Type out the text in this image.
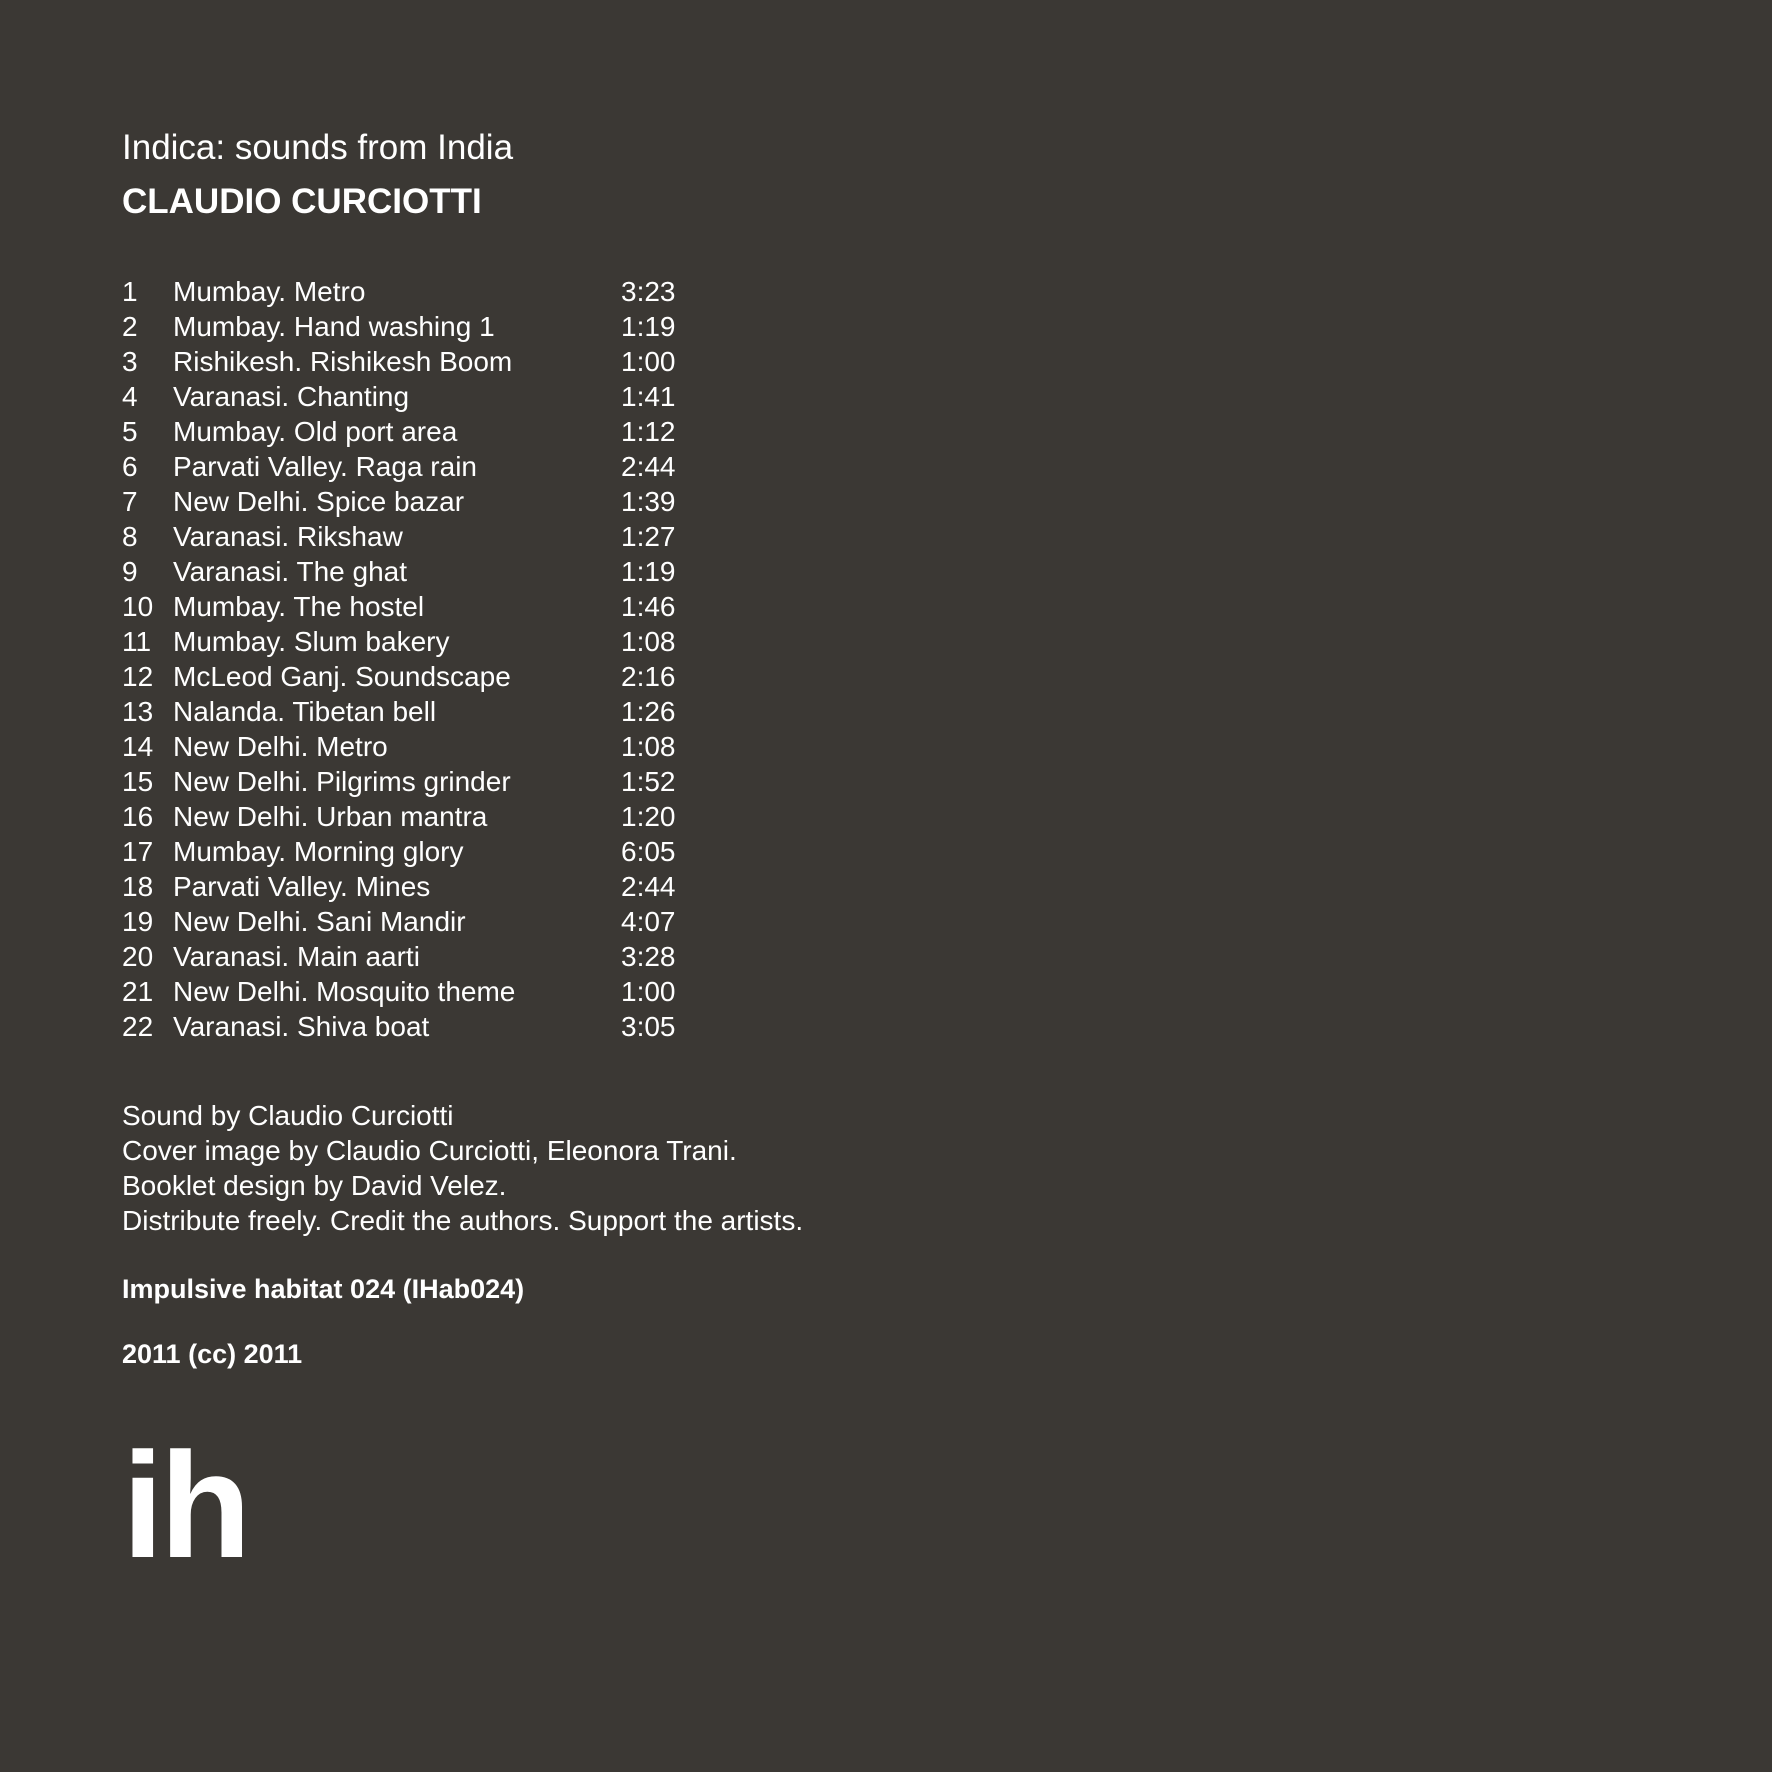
Indica: sounds from India
CLAUDIO CURCIOTTI
1 Mumbay. Metro	3:23
2 Mumbay. Hand washing 1	1:19
3 Rishikesh. Rishikesh Boom	1:00
4 Varanasi. Chanting	1:41
5 Mumbay. Old port area	1:12
6 Parvati Valley. Raga rain	2:44
7 New Delhi. Spice bazar	1:39
8 Varanasi. Rikshaw	1:27
9 Varanasi. The ghat	1:19
10 Mumbay. The hostel	1:46
11 Mumbay. Slum bakery	1:08
12 McLeod Ganj. Soundscape	2:16
13 Nalanda. Tibetan bell	1:26
14 New Delhi. Metro	1:08
15 New Delhi. Pilgrims grinder	1:52
16 New Delhi. Urban mantra	1:20
17 Mumbay. Morning glory	6:05
18 Parvati Valley. Mines	2:44
19 New Delhi. Sani Mandir	4:07
20 Varanasi. Main aarti	3:28
21 New Delhi. Mosquito theme	1:00
22 Varanasi. Shiva boat	3:05
Sound by Claudio Curciotti
Cover image by Claudio Curciotti, Eleonora Trani.
Booklet design by David Velez.
Distribute freely. Credit the authors. Support the artists.
Impulsive habitat 024 (IHab024)
2011 (cc) 2011
ih
